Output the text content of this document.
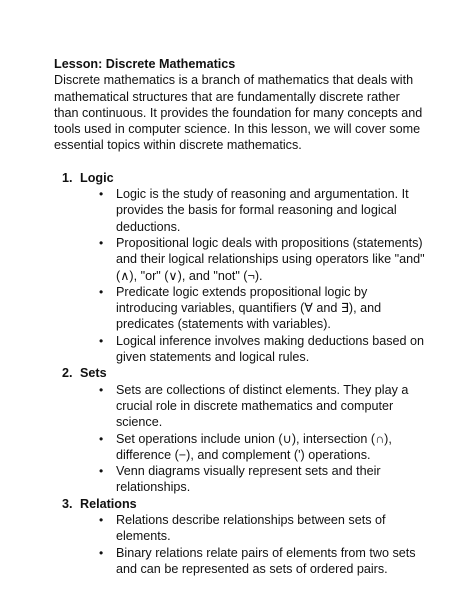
Lesson: Discrete Mathematics

Discrete mathematics is a branch of mathematics that deals with mathematical structures that are fundamentally discrete rather than continuous. It provides the foundation for many concepts and tools used in computer science. In this lesson, we will cover some essential topics within discrete mathematics.

1. Logic
• Logic is the study of reasoning and argumentation. It provides the basis for formal reasoning and logical deductions.
• Propositional logic deals with propositions (statements) and their logical relationships using operators like "and" (∧), "or" (∨), and "not" (¬).
• Predicate logic extends propositional logic by introducing variables, quantifiers (∀ and ∃), and predicates (statements with variables).
• Logical inference involves making deductions based on given statements and logical rules.
2. Sets
• Sets are collections of distinct elements. They play a crucial role in discrete mathematics and computer science.
• Set operations include union (∪), intersection (∩), difference (−), and complement (') operations.
• Venn diagrams visually represent sets and their relationships.
3. Relations
• Relations describe relationships between sets of elements.
• Binary relations relate pairs of elements from two sets and can be represented as sets of ordered pairs.
